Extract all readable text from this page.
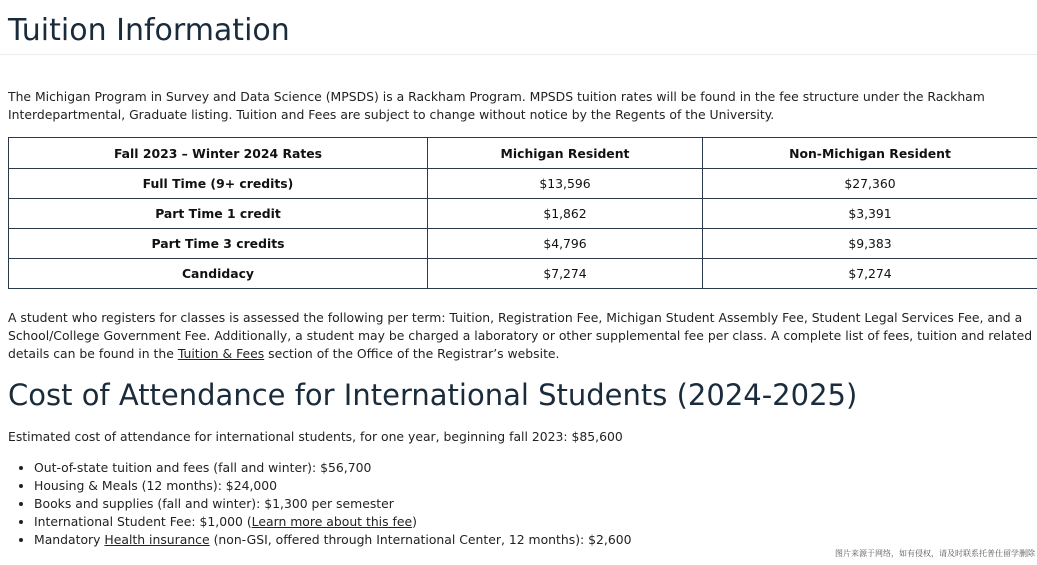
Tuition Information

The Michigan Program in Survey and Data Science (MPSDS) is a Rackham Program. MPSDS tuition rates will be found in the fee structure under the Rackham Interdepartmental, Graduate listing. Tuition and Fees are subject to change without notice by the Regents of the University.

Fall 2023 – Winter 2024 Rates	Michigan Resident	Non-Michigan Resident
Full Time (9+ credits)	$13,596	$27,360
Part Time 1 credit	$1,862	$3,391
Part Time 3 credits	$4,796	$9,383
Candidacy	$7,274	$7,274

A student who registers for classes is assessed the following per term: Tuition, Registration Fee, Michigan Student Assembly Fee, Student Legal Services Fee, and a School/College Government Fee. Additionally, a student may be charged a laboratory or other supplemental fee per class. A complete list of fees, tuition and related details can be found in the Tuition & Fees section of the Office of the Registrar’s website.

Cost of Attendance for International Students (2024-2025)

Estimated cost of attendance for international students, for one year, beginning fall 2023: $85,600

• Out-of-state tuition and fees (fall and winter): $56,700
• Housing & Meals (12 months): $24,000
• Books and supplies (fall and winter): $1,300 per semester
• International Student Fee: $1,000 (Learn more about this fee)
• Mandatory Health insurance (non-GSI, offered through International Center, 12 months): $2,600
图片来源于网络，如有侵权，请及时联系托普仕留学删除
